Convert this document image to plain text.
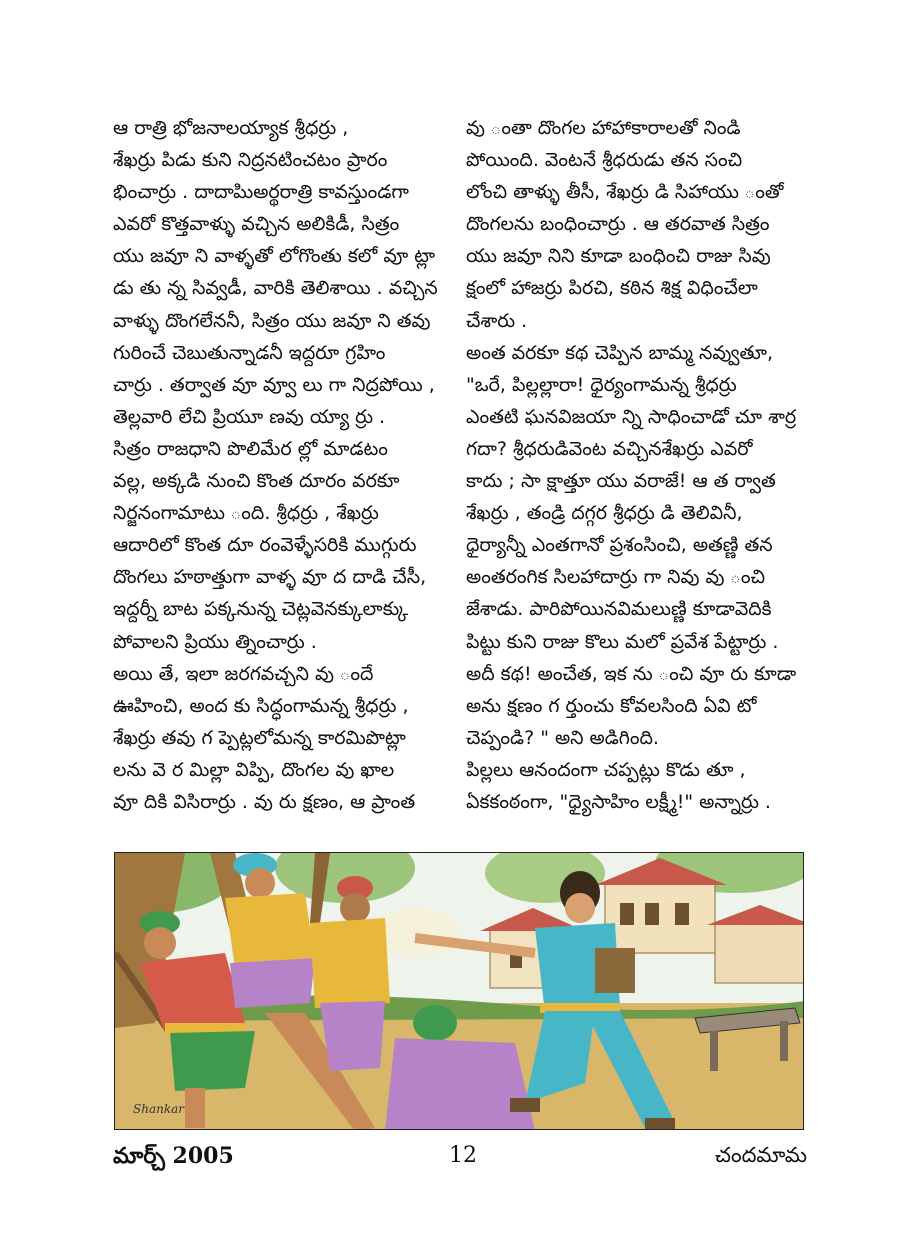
ఆ రాత్రి భోజనాలయ్యాక శ్రీధర్రు ,
శేఖర్రు పిడు కుని నిద్రనటించటం ప్రారం
భించార్రు . దాదాపిుఅర్థరాత్రి కావస్తుండగా
ఎవరో కొత్తవాళ్ళు వచ్చిన అలికిడీ, సిత్రం
యు జవూ ని వాళ్ళతో లోగొంతు కలో వూ ట్లా
డు తు న్న సివ్వడీ, వారికి తెలిశాయి . వచ్చిన
వాళ్ళు దొంగలేననీ, సిత్రం యు జవూ ని తవు
గురించే చెబుతున్నాడనీ ఇద్దరూ గ్రహిం
చార్రు . తర్వాత వూ వ్వూ లు గా నిద్రపోయి ,
తెల్లవారి లేచి ప్రియూ ణవు య్యా ర్రు .
సిత్రం రాజధాని పొలిమేర ల్లో మాడటం
వల్ల, అక్కడి నుంచి కొంత దూరం వరకూ
నిర్జనంగామాటు ంది. శ్రీధర్రు , శేఖర్రు
ఆదారిలో కొంత దూ రంవెళ్ళేసరికి ముగ్గురు
దొంగలు హఠాత్తుగా వాళ్ళ వూ ద దాడి చేసీ,
ఇద్దర్నీ బాట పక్కనున్న చెట్లవెనక్కులాక్కు
పోవాలని ప్రియు త్నించార్రు .
అయి తే, ఇలా జరగవచ్చని వు ందే
ఊహించి, అంద కు సిద్ధంగామన్న శ్రీధర్రు ,
శేఖర్రు తవు గ ప్పెట్లలోమన్న కారమిపొట్లా
లను వె ర మిల్లా విప్పి, దొంగల వు ఖాల
వూ దికి విసిరార్రు . వు రు క్షణం, ఆ ప్రాంత
వు ంతా దొంగల హాహాకారాలతో నిండి
పోయింది. వెంటనే శ్రీధరుడు తన సంచి
లోంచి తాళ్ళు తీసీ, శేఖర్రు డి సిహాయు ంతో
దొంగలను బంధించార్రు . ఆ తరవాత సిత్రం
యు జవూ నిని కూడా బంధించి రాజు సివు
క్షంలో హాజర్రు పిరచి, కఠిన శిక్ష విధించేలా
చేశారు .
అంత వరకూ కథ చెప్పిన బామ్మ నవ్వుతూ,
"ఒరే, పిల్లల్లారా! ధైర్యంగామన్న శ్రీధర్రు
ఎంతటి ఘనవిజయా న్ని సాధించాడో చూ శార్ర
గదా? శ్రీధరుడివెంట వచ్చినశేఖర్రు ఎవరో
కాదు ; సా క్షాత్తూ యు వరాజే! ఆ త ర్వాత
శేఖర్రు , తండ్రి దగ్గర శ్రీధర్రు డి తెలివినీ,
ధైర్యాన్నీ ఎంతగానో ప్రశంసించి, అతణ్ణి తన
అంతరంగిక సిలహాదార్రు గా నివు వు ంచి
జేశాడు. పారిపోయినవిమలుణ్ణి కూడావెదికి
పిట్టు కుని రాజు కొలు మలో ప్రవేశ పేట్టార్రు .
అదీ కథ! అంచేత, ఇక ను ంచి వూ రు కూడా
అను క్షణం గ ర్తుంచు కోవలసింది ఏవి టో
చెప్పండి? " అని అడిగింది.
పిల్లలు ఆనందంగా చప్పట్లు కొడు తూ ,
ఏకకంఠంగా, "ధ్యైసాహిం లక్ష్మీ!" అన్నార్రు .
Shankar
మార్చ్ 2005	12	చందమామ
